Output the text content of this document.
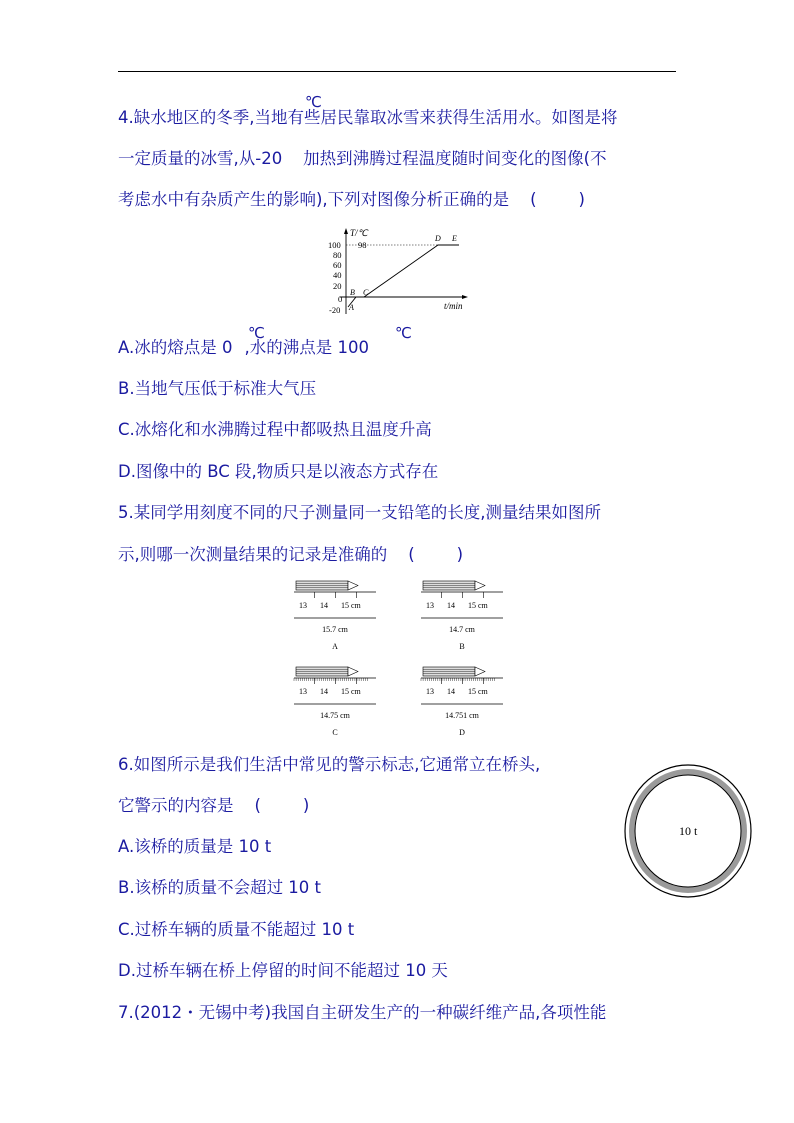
℃
4.缺水地区的冬季,当地有些居民靠取冰雪来获得生活用水。如图是将
一定质量的冰雪,从-20    加热到沸腾过程温度随时间变化的图像(不
考虑水中有杂质产生的影响),下列对图像分析正确的是    (        )
T/℃
t/min
100
80
60
40
20
0
-20
98
A
B C
D E
℃	℃
A.冰的熔点是 0 ,水的沸点是 100
B.当地气压低于标准大气压
C.冰熔化和水沸腾过程中都吸热且温度升高
D.图像中的 BC 段,物质只是以液态方式存在
5.某同学用刻度不同的尺子测量同一支铅笔的长度,测量结果如图所
示,则哪一次测量结果的记录是准确的    (        )
13 14 15 cm
15.7 cm
A
13 14 15 cm
14.7 cm
B
13 14 15 cm
14.75 cm
C
13 14 15 cm
14.751 cm
D
6.如图所示是我们生活中常见的警示标志,它通常立在桥头,
它警示的内容是    (        )
10 t
A.该桥的质量是 10 t
B.该桥的质量不会超过 10 t
C.过桥车辆的质量不能超过 10 t
D.过桥车辆在桥上停留的时间不能超过 10 天
7.(2012・无锡中考)我国自主研发生产的一种碳纤维产品,各项性能
